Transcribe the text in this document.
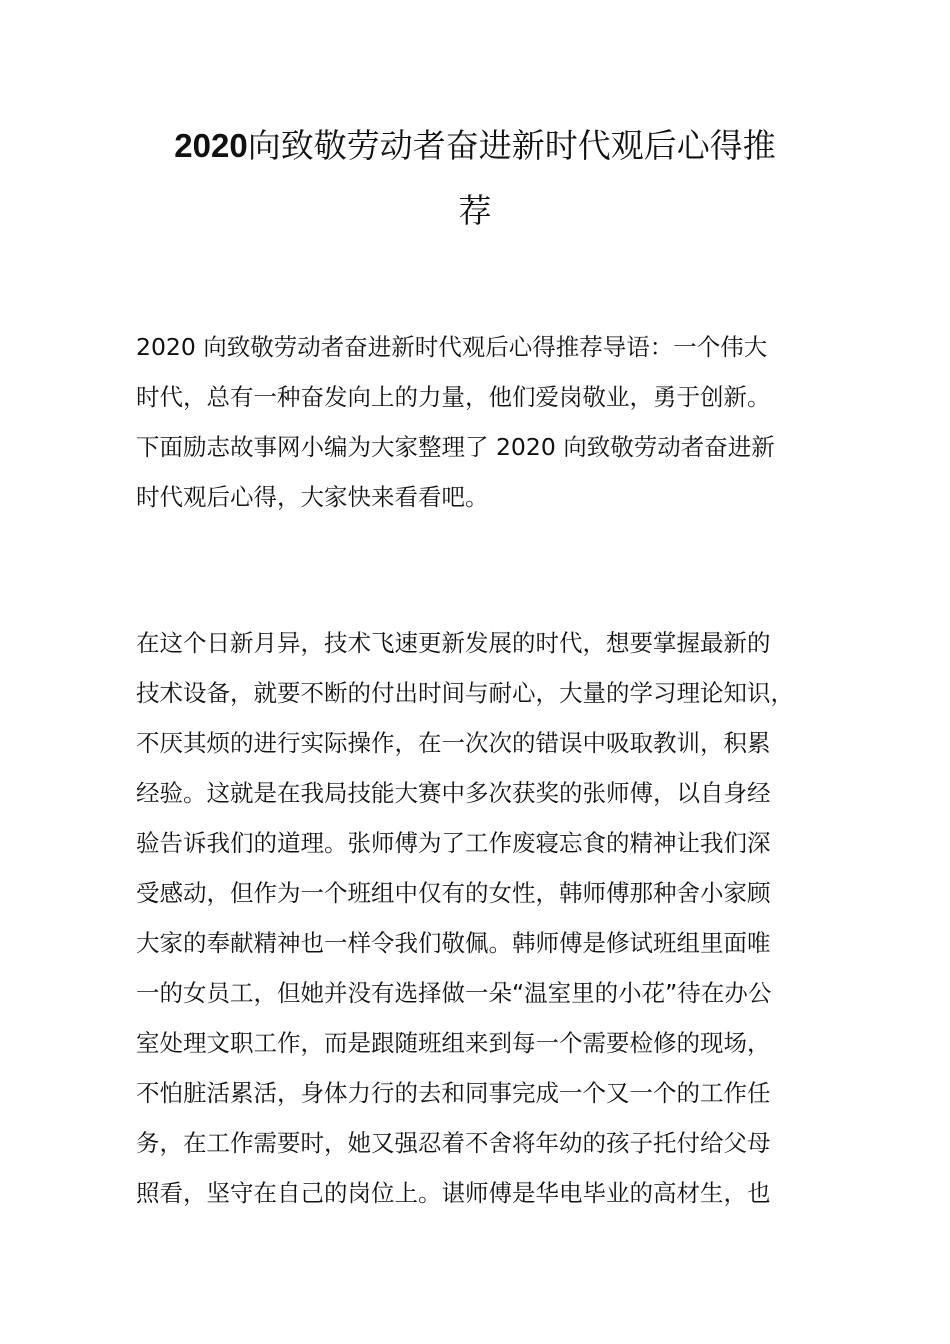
2020向致敬劳动者奋进新时代观后心得推
荐
2020 向致敬劳动者奋进新时代观后心得推荐导语：一个伟大
时代，总有一种奋发向上的力量，他们爱岗敬业，勇于创新。
下面励志故事网小编为大家整理了 2020 向致敬劳动者奋进新
时代观后心得，大家快来看看吧。
在这个日新月异，技术飞速更新发展的时代，想要掌握最新的
技术设备，就要不断的付出时间与耐心，大量的学习理论知识，
不厌其烦的进行实际操作，在一次次的错误中吸取教训，积累
经验。这就是在我局技能大赛中多次获奖的张师傅，以自身经
验告诉我们的道理。张师傅为了工作废寝忘食的精神让我们深
受感动，但作为一个班组中仅有的女性，韩师傅那种舍小家顾
大家的奉献精神也一样令我们敬佩。韩师傅是修试班组里面唯
一的女员工，但她并没有选择做一朵“温室里的小花”待在办公
室处理文职工作，而是跟随班组来到每一个需要检修的现场，
不怕脏活累活，身体力行的去和同事完成一个又一个的工作任
务，在工作需要时，她又强忍着不舍将年幼的孩子托付给父母
照看，坚守在自己的岗位上。谌师傅是华电毕业的高材生，也
